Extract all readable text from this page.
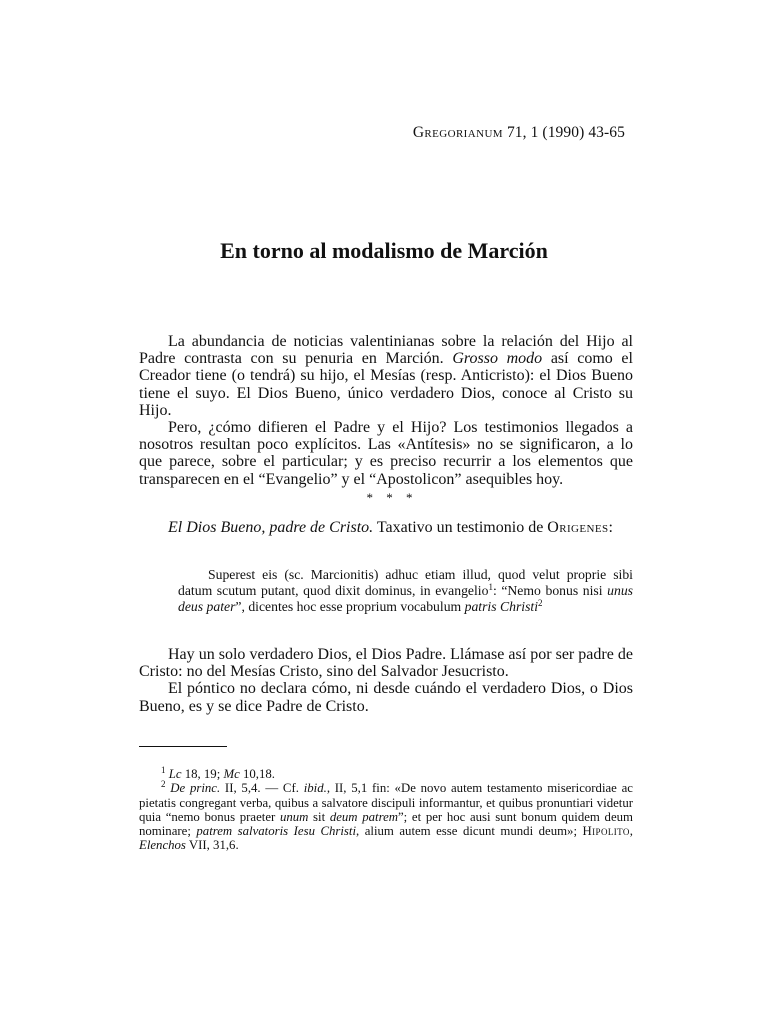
Gregorianum 71, 1 (1990) 43-65
En torno al modalismo de Marción

La abundancia de noticias valentinianas sobre la relación del Hijo al Padre contrasta con su penuria en Marción. Grosso modo así como el Creador tiene (o tendrá) su hijo, el Mesías (resp. Anticristo): el Dios Bueno tiene el suyo. El Dios Bueno, único verdadero Dios, conoce al Cristo su Hijo.

Pero, ¿cómo difieren el Padre y el Hijo? Los testimonios llegados a nosotros resultan poco explícitos. Las «Antítesis» no se significaron, a lo que parece, sobre el particular; y es preciso recurrir a los elementos que transparecen en el “Evangelio” y el “Apostolicon” asequibles hoy.

* * *

El Dios Bueno, padre de Cristo. Taxativo un testimonio de Origenes:

Superest eis (sc. Marcionitis) adhuc etiam illud, quod velut proprie sibi datum scutum putant, quod dixit dominus, in evangelio$^1$: “Nemo bonus nisi unus deus pater”, dicentes hoc esse proprium vocabulum patris Christi$^2$

Hay un solo verdadero Dios, el Dios Padre. Llámase así por ser padre de Cristo: no del Mesías Cristo, sino del Salvador Jesucristo.

El póntico no declara cómo, ni desde cuándo el verdadero Dios, o Dios Bueno, es y se dice Padre de Cristo.

$^1$ Lc 18, 19; Mc 10,18.

$^2$ De princ. II, 5,4. — Cf. ibid., II, 5,1 fin: «De novo autem testamento misericordiae ac pietatis congregant verba, quibus a salvatore discipuli informantur, et quibus pronuntiari videtur quia “nemo bonus praeter unum sit deum patrem”; et per hoc ausi sunt bonum quidem deum nominare; patrem salvatoris Iesu Christi, alium autem esse dicunt mundi deum»; Hipolito, Elenchos VII, 31,6.
